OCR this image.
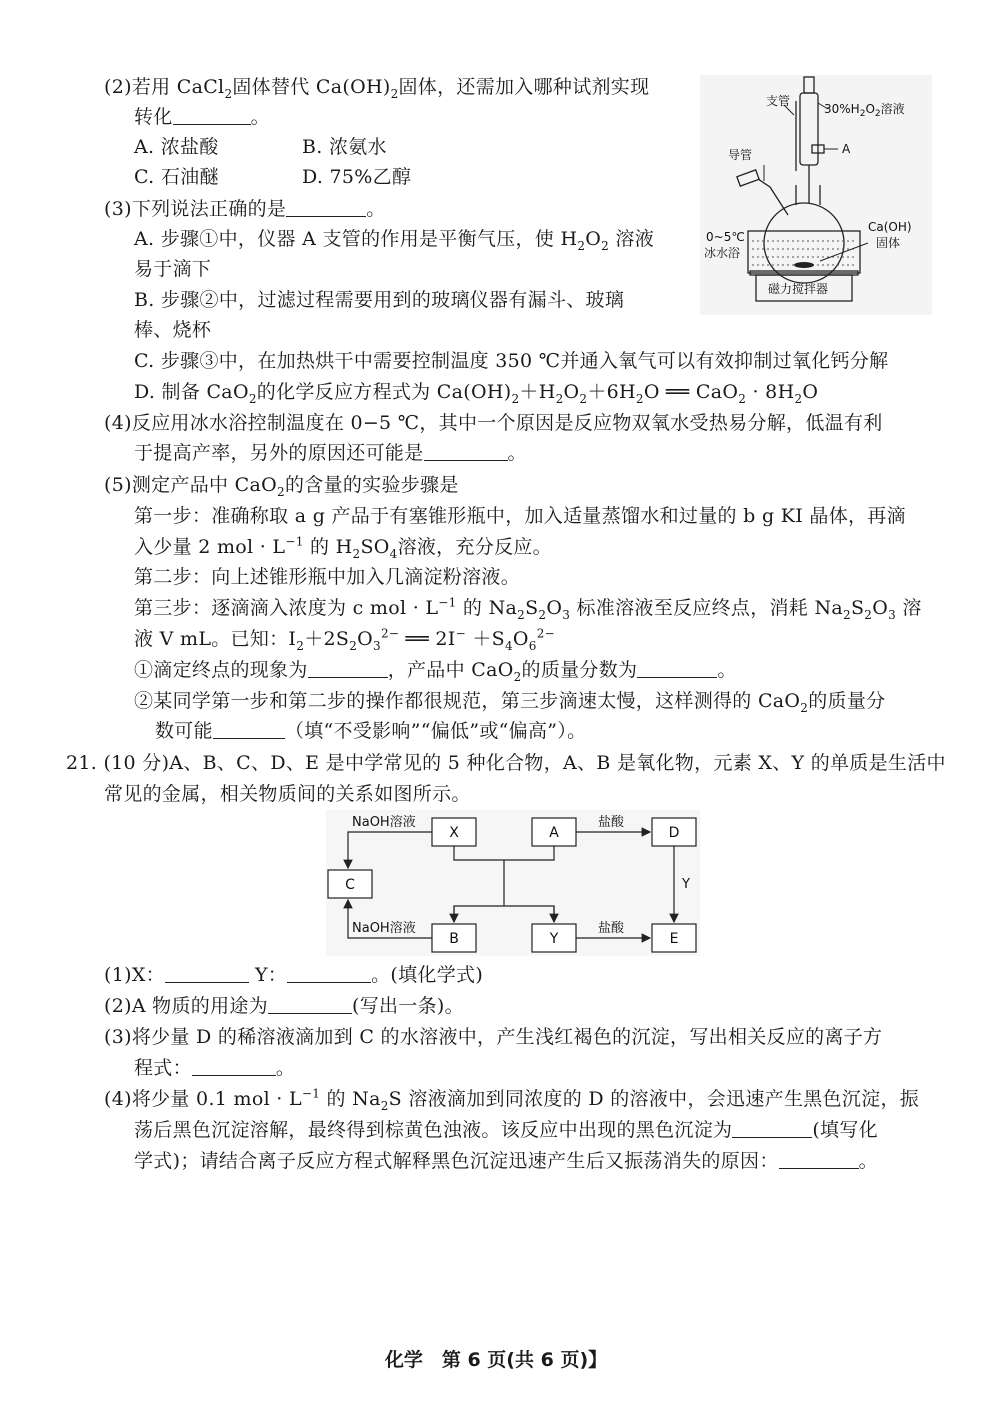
(2)若用 CaCl$_2$固体替代 $Ca(OH)_2$固体，还需加入哪种试剂实现
转化	。
A. 浓盐酸	B. 浓氨水
C. 石油醚	D. 75%乙醇
(3)下列说法正确的是	。
A. 步骤①中，仪器 A 支管的作用是平衡气压，使 $H_2O_2$ 溶液
易于滴下
B. 步骤②中，过滤过程需要用到的玻璃仪器有漏斗、玻璃
棒、烧杯
C. 步骤③中，在加热烘干中需要控制温度 350 ℃并通入氧气可以有效抑制过氧化钙分解
D. 制备 CaO$_2$的化学反应方程式为 $Ca(OH)_2+H_2O_2+6H_2O$ ══ $CaO_2 \cdot 8H_2O$
(4)反应用冰水浴控制温度在 0−5 ℃，其中一个原因是反应物双氧水受热易分解，低温有利
于提高产率，另外的原因还可能是	。
(5)测定产品中 CaO$_2$的含量的实验步骤是
第一步：准确称取 a g 产品于有塞锥形瓶中，加入适量蒸馏水和过量的 b g KI 晶体，再滴
入少量 2 mol · $L^{-1}$ 的 $H_2SO_4$溶液，充分反应。
第二步：向上述锥形瓶中加入几滴淀粉溶液。
第三步：逐滴滴入浓度为 c mol · $L^{-1}$ 的 $Na_2S_2O_3$ 标准溶液至反应终点，消耗 $Na_2S_2O_3$ 溶
液 V mL。已知：$I_2+2S_2O_3^{2-}$ ══ $2I^- +S_4O_6^{2-}$
①滴定终点的现象为	，产品中 CaO$_2$的质量分数为	。
②某同学第一步和第二步的操作都很规范，第三步滴速太慢，这样测得的 CaO$_2$的质量分
数可能	（填“不受影响”“偏低”或“偏高”）。
21. (10 分)A、B、C、D、E 是中学常见的 5 种化合物，A、B 是氧化物，元素 X、Y 的单质是生活中
常见的金属，相关物质间的关系如图所示。
X	A	D
C
B	Y	E
NaOH溶液
NaOH溶液
盐酸
盐酸
Y
(1)X：	Y：	。(填化学式)
(2)A 物质的用途为	(写出一条)。
(3)将少量 D 的稀溶液滴加到 C 的水溶液中，产生浅红褐色的沉淀，写出相关反应的离子方
程式：	。
(4)将少量 0.1 mol · $L^{-1}$ 的 $Na_2S$ 溶液滴加到同浓度的 D 的溶液中，会迅速产生黑色沉淀，振
荡后黑色沉淀溶解，最终得到棕黄色浊液。该反应中出现的黑色沉淀为	(填写化
学式)；请结合离子反应方程式解释黑色沉淀迅速产生后又振荡消失的原因：	。
支管
$30\%H_2O_2$溶液
A
导管
0~5℃
冰水浴
Ca(OH)
固体
磁力搅拌器
化学　第 6 页(共 6 页)】
